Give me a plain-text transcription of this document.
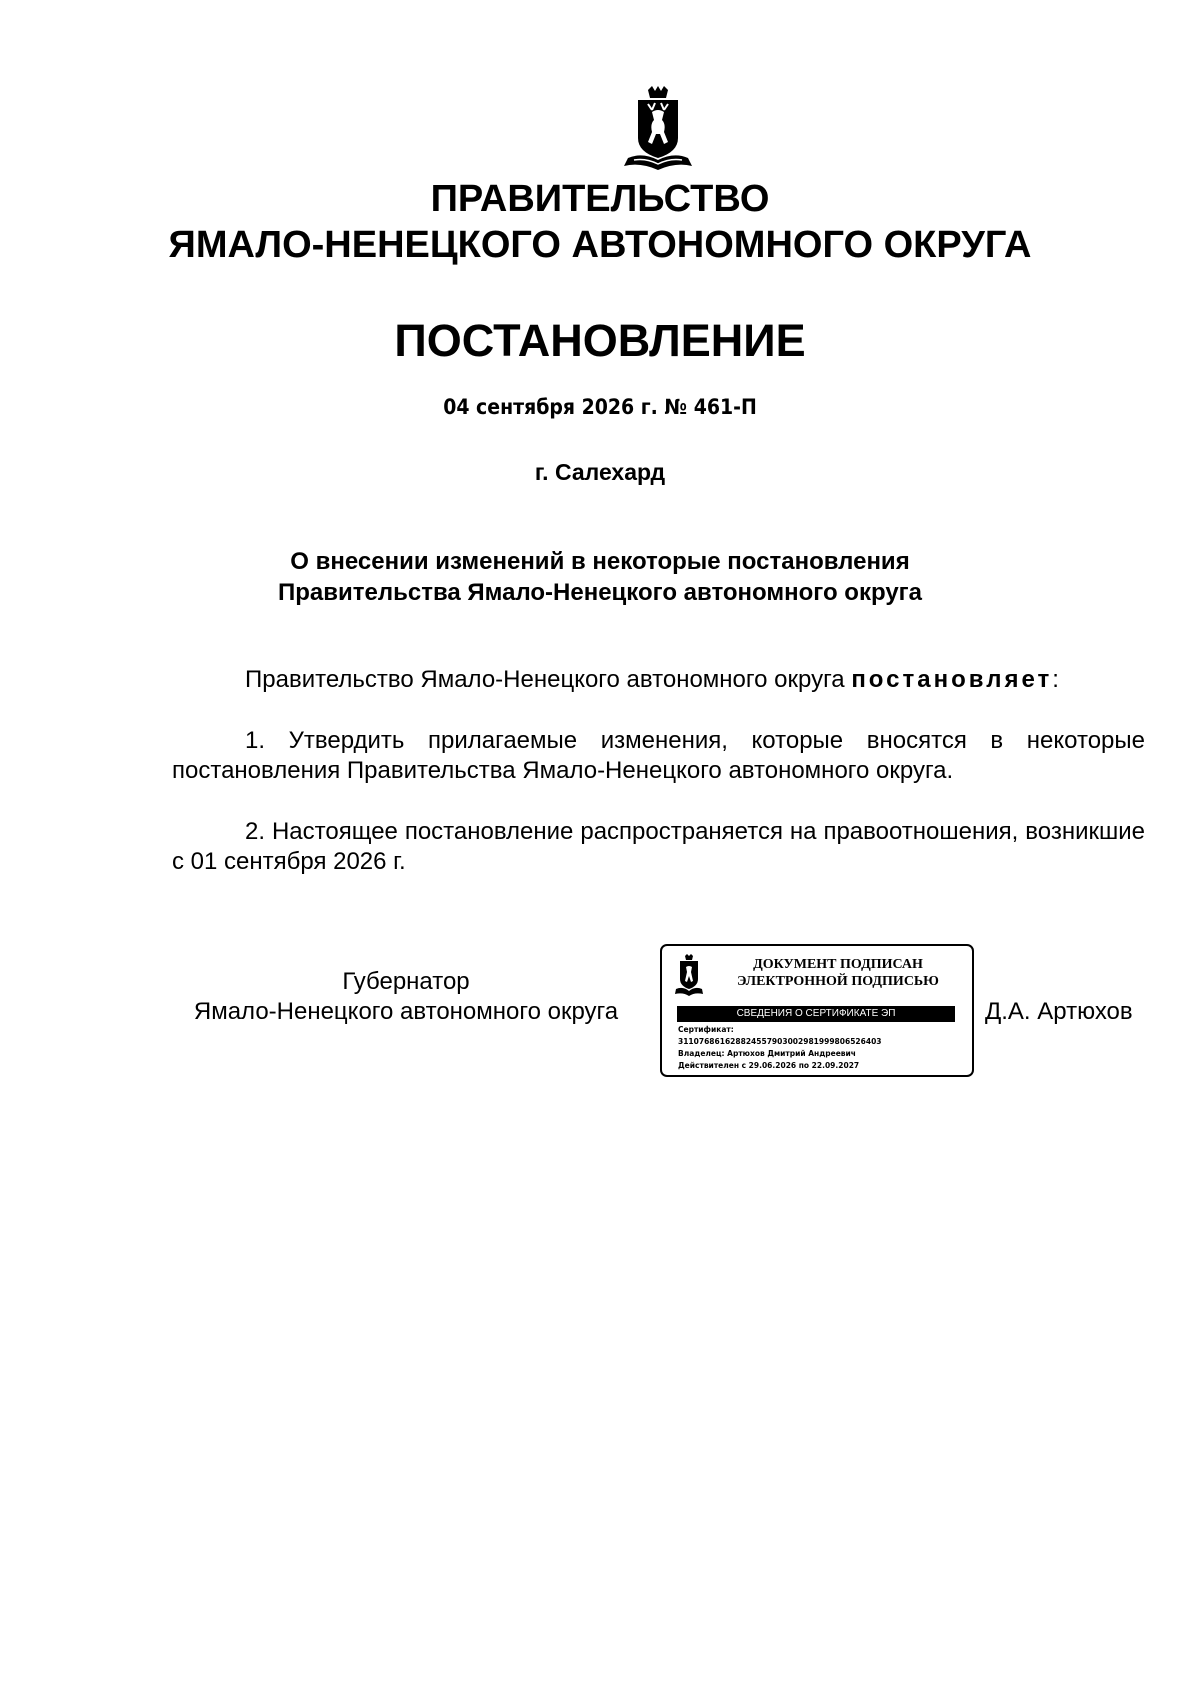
ПРАВИТЕЛЬСТВО
ЯМАЛО-НЕНЕЦКОГО АВТОНОМНОГО ОКРУГА
ПОСТАНОВЛЕНИЕ
04 сентября 2026 г. № 461-П
г. Салехард
О внесении изменений в некоторые постановления
Правительства Ямало-Ненецкого автономного округа
Правительство Ямало-Ненецкого автономного округа постановляет:
1. Утвердить прилагаемые изменения, которые вносятся в некоторые постановления Правительства Ямало-Ненецкого автономного округа.
2. Настоящее постановление распространяется на правоотношения, возникшие с 01 сентября 2026 г.
Губернатор
Ямало-Ненецкого автономного округа
ДОКУМЕНТ ПОДПИСАН
ЭЛЕКТРОННОЙ ПОДПИСЬЮ
СВЕДЕНИЯ О СЕРТИФИКАТЕ ЭП
Сертификат:
311076861628824557903002981999806526403
Владелец: Артюхов Дмитрий Андреевич
Действителен с 29.06.2026 по 22.09.2027
Д.А. Артюхов
